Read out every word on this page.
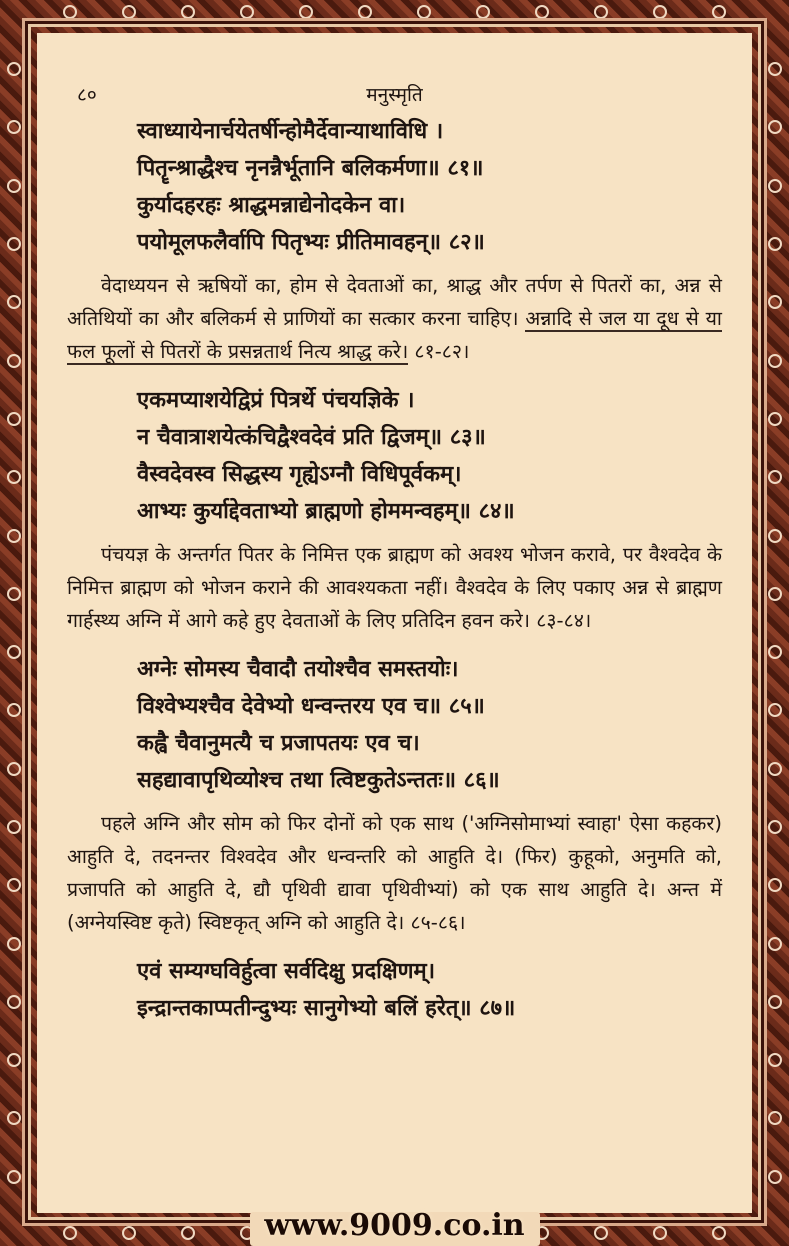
८०	मनुस्मृति
स्वाध्यायेनार्चयेतर्षीन्होमैर्देवान्याथाविधि ।
पितॄन्श्राद्धैश्च नृनन्नैर्भूतानि बलिकर्मणा॥ ८१॥
कुर्यादहरहः श्राद्धमन्नाद्येनोदकेन वा।
पयोमूलफलैर्वापि पितृभ्यः प्रीतिमावहन्॥ ८२॥
वेदाध्ययन से ऋषियों का, होम से देवताओं का, श्राद्ध और तर्पण से पितरों का, अन्न से अतिथियों का और बलिकर्म से प्राणियों का सत्कार करना चाहिए। अन्नादि से जल या दूध से या फल फूलों से पितरों के प्रसन्नतार्थ नित्य श्राद्ध करे। ८१-८२।
एकमप्याशयेद्विप्रं पित्रर्थे पंचयज्ञिके ।
न चैवात्राशयेत्कंचिद्वैश्वदेवं प्रति द्विजम्॥ ८३॥
वैस्वदेवस्व सिद्धस्य गृह्येऽग्नौ विधिपूर्वकम्।
आभ्यः कुर्याद्देवताभ्यो ब्राह्मणो होममन्वहम्॥ ८४॥
पंचयज्ञ के अन्तर्गत पितर के निमित्त एक ब्राह्मण को अवश्य भोजन करावे, पर वैश्वदेव के निमित्त ब्राह्मण को भोजन कराने की आवश्यकता नहीं। वैश्वदेव के लिए पकाए अन्न से ब्राह्मण गार्हस्थ्य अग्नि में आगे कहे हुए देवताओं के लिए प्रतिदिन हवन करे। ८३-८४।
अग्नेः सोमस्य चैवादौ तयोश्चैव समस्तयोः।
विश्वेभ्यश्चैव देवेभ्यो धन्वन्तरय एव च॥ ८५॥
कह्वै चैवानुमत्यै च प्रजापतयः एव च।
सहद्यावापृथिव्योश्च तथा त्विष्टकुतेऽन्ततः॥ ८६॥
पहले अग्नि और सोम को फिर दोनों को एक साथ ('अग्निसोमाभ्यां स्वाहा' ऐसा कहकर) आहुति दे, तदनन्तर विश्वदेव और धन्वन्तरि को आहुति दे। (फिर) कुहूको, अनुमति को, प्रजापति को आहुति दे, द्यौ पृथिवी द्यावा पृथिवीभ्यां) को एक साथ आहुति दे। अन्त में (अग्नेयस्विष्ट कृते) स्विष्टकृत् अग्नि को आहुति दे। ८५-८६।
एवं सम्यग्घविर्हुत्वा सर्वदिक्षु प्रदक्षिणम्।
इन्द्रान्तकाप्पतीन्दुभ्यः सानुगेभ्यो बलिं हरेत्॥ ८७॥
www.9009.co.in
